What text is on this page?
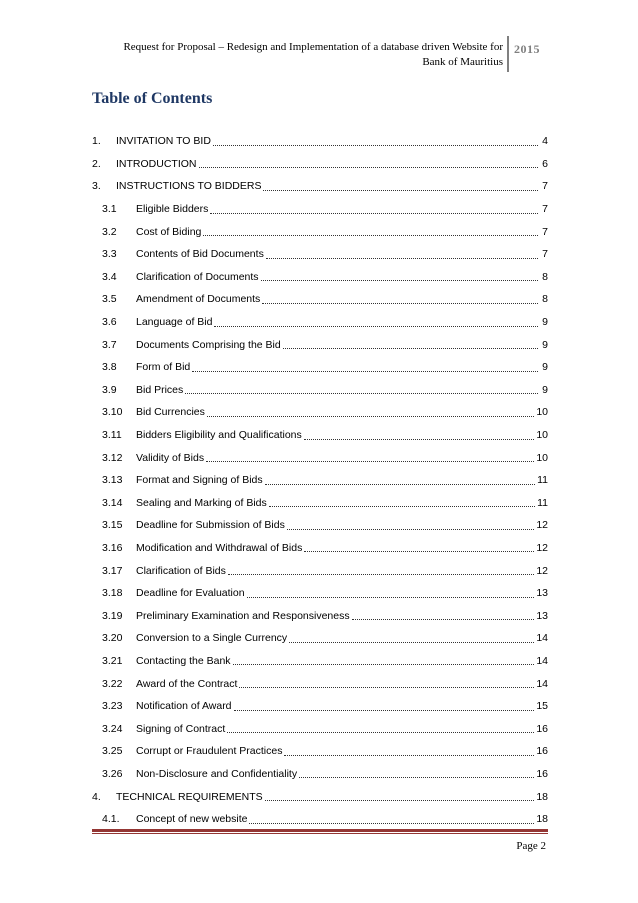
Request for Proposal – Redesign and Implementation of a database driven Website for
Bank of Mauritius
2015
Table of Contents
1.	INVITATION TO BID	4
2.	INTRODUCTION	6
3.	INSTRUCTIONS TO BIDDERS	7
3.1	Eligible Bidders	7
3.2	Cost of Biding	7
3.3	Contents of Bid Documents	7
3.4	Clarification of Documents	8
3.5	Amendment of Documents	8
3.6	Language of Bid	9
3.7	Documents Comprising the Bid	9
3.8	Form of Bid	9
3.9	Bid Prices	9
3.10	Bid Currencies	10
3.11	Bidders Eligibility and Qualifications	10
3.12	Validity of Bids	10
3.13	Format and Signing of Bids	11
3.14	Sealing and Marking of Bids	11
3.15	Deadline for Submission of Bids	12
3.16	Modification and Withdrawal of Bids	12
3.17	Clarification of Bids	12
3.18	Deadline for Evaluation	13
3.19	Preliminary Examination and Responsiveness	13
3.20	Conversion to a Single Currency	14
3.21	Contacting the Bank	14
3.22	Award of the Contract	14
3.23	Notification of Award	15
3.24	Signing of Contract	16
3.25	Corrupt or Fraudulent Practices	16
3.26	Non-Disclosure and Confidentiality	16
4.	TECHNICAL REQUIREMENTS	18
4.1.	Concept of new website	18
Page 2
